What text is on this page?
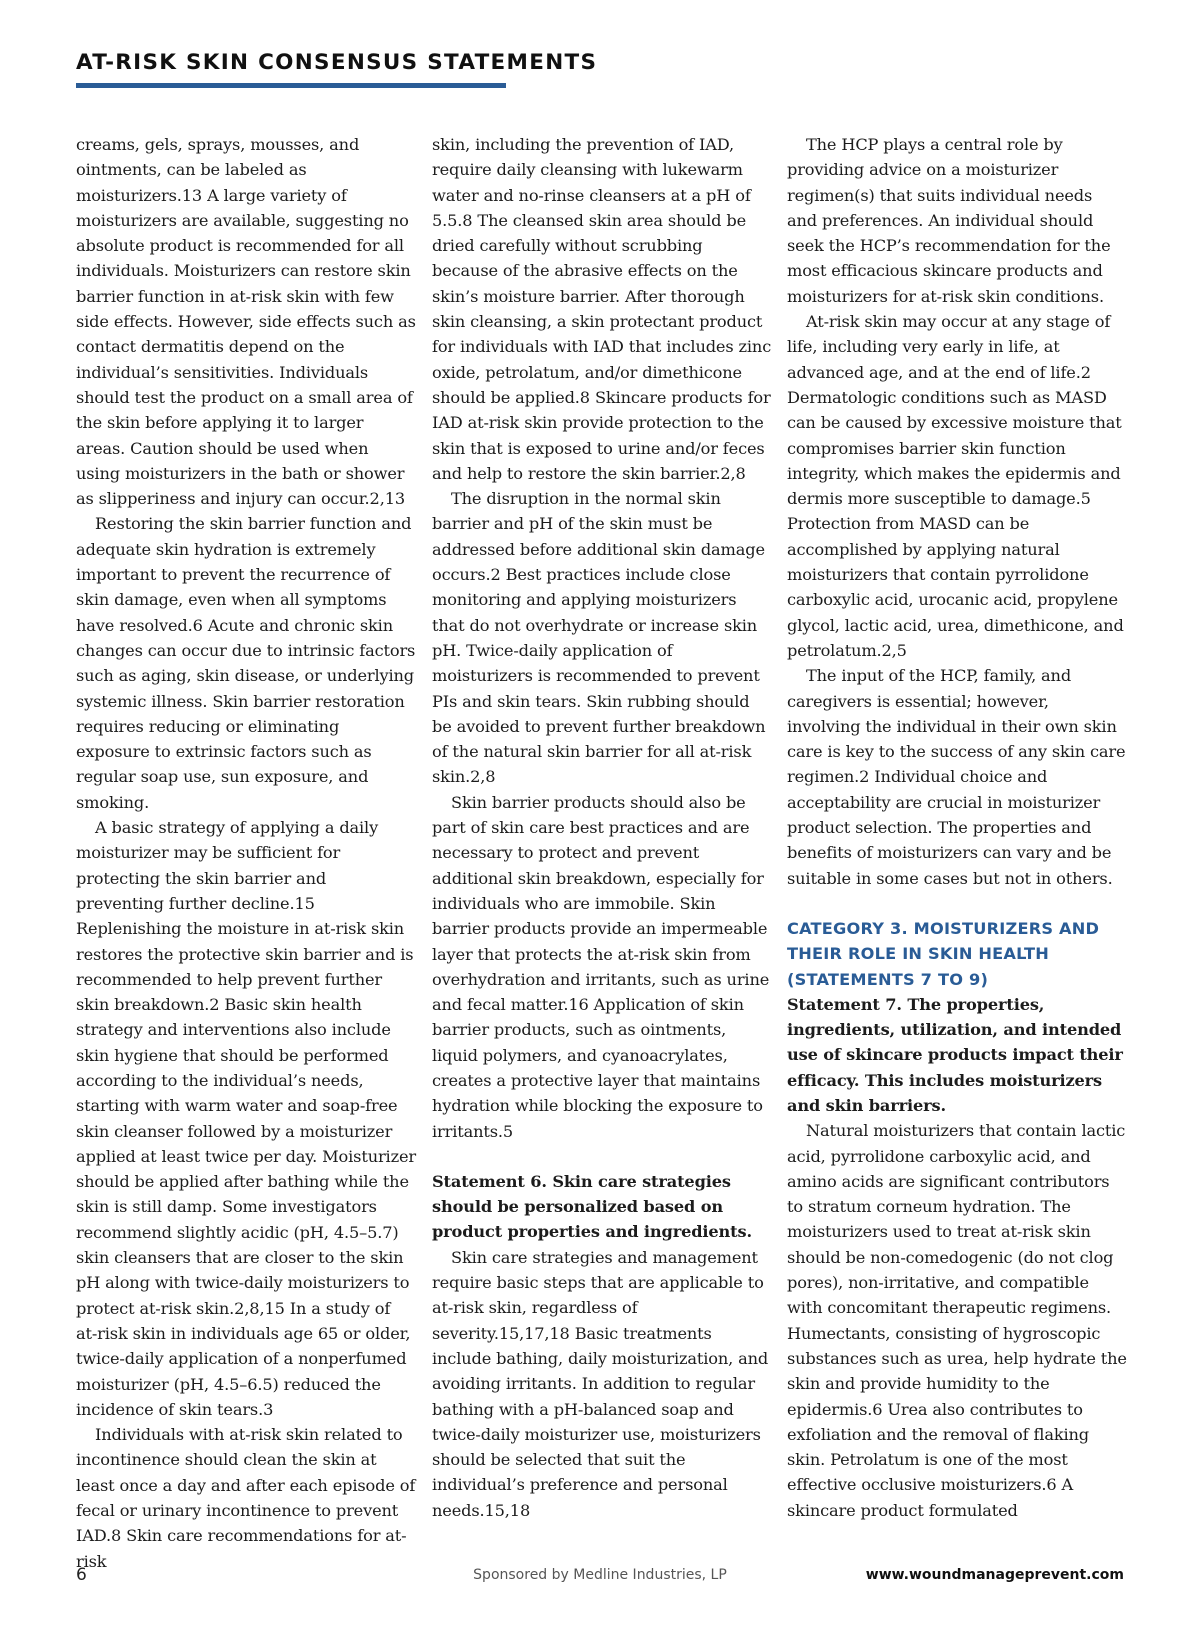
AT-RISK SKIN CONSENSUS STATEMENTS

creams, gels, sprays, mousses, and ointments, can be labeled as moisturizers.13 A large variety of moisturizers are available, suggesting no absolute product is recommended for all individuals. Moisturizers can restore skin barrier function in at-risk skin with few side effects. However, side effects such as contact dermatitis depend on the individual’s sensitivities. Individuals should test the product on a small area of the skin before applying it to larger areas. Caution should be used when using moisturizers in the bath or shower as slipperiness and injury can occur.2,13

Restoring the skin barrier function and adequate skin hydration is extremely important to prevent the recurrence of skin damage, even when all symptoms have resolved.6 Acute and chronic skin changes can occur due to intrinsic factors such as aging, skin disease, or underlying systemic illness. Skin barrier restoration requires reducing or eliminating exposure to extrinsic factors such as regular soap use, sun exposure, and smoking.

A basic strategy of applying a daily moisturizer may be sufficient for protecting the skin barrier and preventing further decline.15 Replenishing the moisture in at-risk skin restores the protective skin barrier and is recommended to help prevent further skin breakdown.2 Basic skin health strategy and interventions also include skin hygiene that should be performed according to the individual’s needs, starting with warm water and soap-free skin cleanser followed by a moisturizer applied at least twice per day. Moisturizer should be applied after bathing while the skin is still damp. Some investigators recommend slightly acidic (pH, 4.5–5.7) skin cleansers that are closer to the skin pH along with twice-daily moisturizers to protect at-risk skin.2,8,15 In a study of at-risk skin in individuals age 65 or older, twice-daily application of a nonperfumed moisturizer (pH, 4.5–6.5) reduced the incidence of skin tears.3

Individuals with at-risk skin related to incontinence should clean the skin at least once a day and after each episode of fecal or urinary incontinence to prevent IAD.8 Skin care recommendations for at-risk

skin, including the prevention of IAD, require daily cleansing with lukewarm water and no-rinse cleansers at a pH of 5.5.8 The cleansed skin area should be dried carefully without scrubbing because of the abrasive effects on the skin’s moisture barrier. After thorough skin cleansing, a skin protectant product for individuals with IAD that includes zinc oxide, petrolatum, and/or dimethicone should be applied.8 Skincare products for IAD at-risk skin provide protection to the skin that is exposed to urine and/or feces and help to restore the skin barrier.2,8

The disruption in the normal skin barrier and pH of the skin must be addressed before additional skin damage occurs.2 Best practices include close monitoring and applying moisturizers that do not overhydrate or increase skin pH. Twice-daily application of moisturizers is recommended to prevent PIs and skin tears. Skin rubbing should be avoided to prevent further breakdown of the natural skin barrier for all at-risk skin.2,8

Skin barrier products should also be part of skin care best practices and are necessary to protect and prevent additional skin breakdown, especially for individuals who are immobile. Skin barrier products provide an impermeable layer that protects the at-risk skin from overhydration and irritants, such as urine and fecal matter.16 Application of skin barrier products, such as ointments, liquid polymers, and cyanoacrylates, creates a protective layer that maintains hydration while blocking the exposure to irritants.5

Statement 6. Skin care strategies should be personalized based on product properties and ingredients.

Skin care strategies and management require basic steps that are applicable to at-risk skin, regardless of severity.15,17,18 Basic treatments include bathing, daily moisturization, and avoiding irritants. In addition to regular bathing with a pH-balanced soap and twice-daily moisturizer use, moisturizers should be selected that suit the individual’s preference and personal needs.15,18

The HCP plays a central role by providing advice on a moisturizer regimen(s) that suits individual needs and preferences. An individual should seek the HCP’s recommendation for the most efficacious skincare products and moisturizers for at-risk skin conditions.

At-risk skin may occur at any stage of life, including very early in life, at advanced age, and at the end of life.2 Dermatologic conditions such as MASD can be caused by excessive moisture that compromises barrier skin function integrity, which makes the epidermis and dermis more susceptible to damage.5 Protection from MASD can be accomplished by applying natural moisturizers that contain pyrrolidone carboxylic acid, urocanic acid, propylene glycol, lactic acid, urea, dimethicone, and petrolatum.2,5

The input of the HCP, family, and caregivers is essential; however, involving the individual in their own skin care is key to the success of any skin care regimen.2 Individual choice and acceptability are crucial in moisturizer product selection. The properties and benefits of moisturizers can vary and be suitable in some cases but not in others.

CATEGORY 3. MOISTURIZERS AND THEIR ROLE IN SKIN HEALTH (STATEMENTS 7 TO 9)

Statement 7. The properties, ingredients, utilization, and intended use of skincare products impact their efficacy. This includes moisturizers and skin barriers.

Natural moisturizers that contain lactic acid, pyrrolidone carboxylic acid, and amino acids are significant contributors to stratum corneum hydration. The moisturizers used to treat at-risk skin should be non-comedogenic (do not clog pores), non-irritative, and compatible with concomitant therapeutic regimens. Humectants, consisting of hygroscopic substances such as urea, help hydrate the skin and provide humidity to the epidermis.6 Urea also contributes to exfoliation and the removal of flaking skin. Petrolatum is one of the most effective occlusive moisturizers.6 A skincare product formulated

6	Sponsored by Medline Industries, LP	www.woundmanageprevent.com
